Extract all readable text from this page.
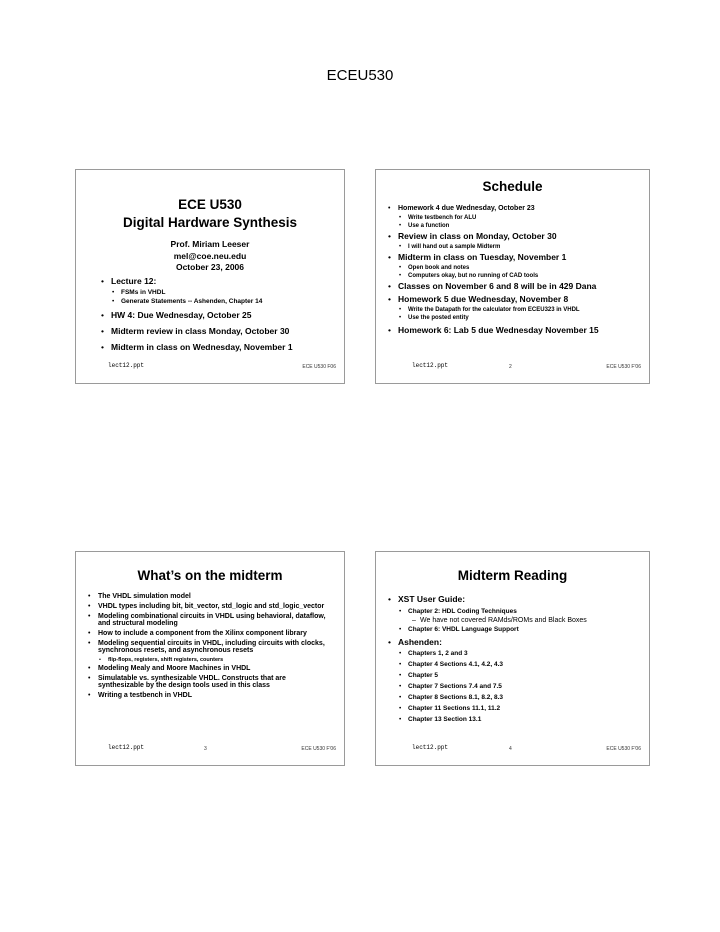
ECEU530
ECE U530
Digital Hardware Synthesis
Prof. Miriam Leeser
mel@coe.neu.edu
October 23, 2006
• Lecture 12:
• FSMs in VHDL
• Generate Statements -- Ashenden, Chapter 14
• HW 4: Due Wednesday, October 25
• Midterm review in class Monday, October 30
• Midterm in class on Wednesday, November 1
lect12.ppt	ECE U530 F06
Schedule
• Homework 4 due Wednesday, October 23
• Write testbench for ALU
• Use a function
• Review in class on Monday, October 30
• I will hand out a sample Midterm
• Midterm in class on Tuesday, November 1
• Open book and notes
• Computers okay, but no running of CAD tools
• Classes on November 6 and 8 will be in 429 Dana
• Homework 5 due Wednesday, November 8
• Write the Datapath for the calculator from ECEU323 in VHDL
• Use the posted entity
• Homework 6: Lab 5 due Wednesday November 15
lect12.ppt	2	ECE U530 F'06
What’s on the midterm
• The VHDL simulation model
• VHDL types including bit, bit_vector, std_logic and std_logic_vector
• Modeling combinational circuits in VHDL using behavioral, dataflow, and structural modeling
• How to include a component from the Xilinx component library
• Modeling sequential circuits in VHDL, including circuits with clocks, synchronous resets, and asynchronous resets
• flip-flops, registers, shift registers, counters
• Modeling Mealy and Moore Machines in VHDL
• Simulatable vs. synthesizable VHDL. Constructs that are synthesizable by the design tools used in this class
• Writing a testbench in VHDL
lect12.ppt	3	ECE U530 F'06
Midterm Reading
• XST User Guide:
• Chapter 2: HDL Coding Techniques
– We have not covered RAMds/ROMs and Black Boxes
• Chapter 6: VHDL Language Support
• Ashenden:
• Chapters 1, 2 and 3
• Chapter 4 Sections 4.1, 4.2, 4.3
• Chapter 5
• Chapter 7 Sections 7.4 and 7.5
• Chapter 8 Sections 8.1, 8.2, 8.3
• Chapter 11 Sections 11.1, 11.2
• Chapter 13 Section 13.1
lect12.ppt	4	ECE U530 F'06
